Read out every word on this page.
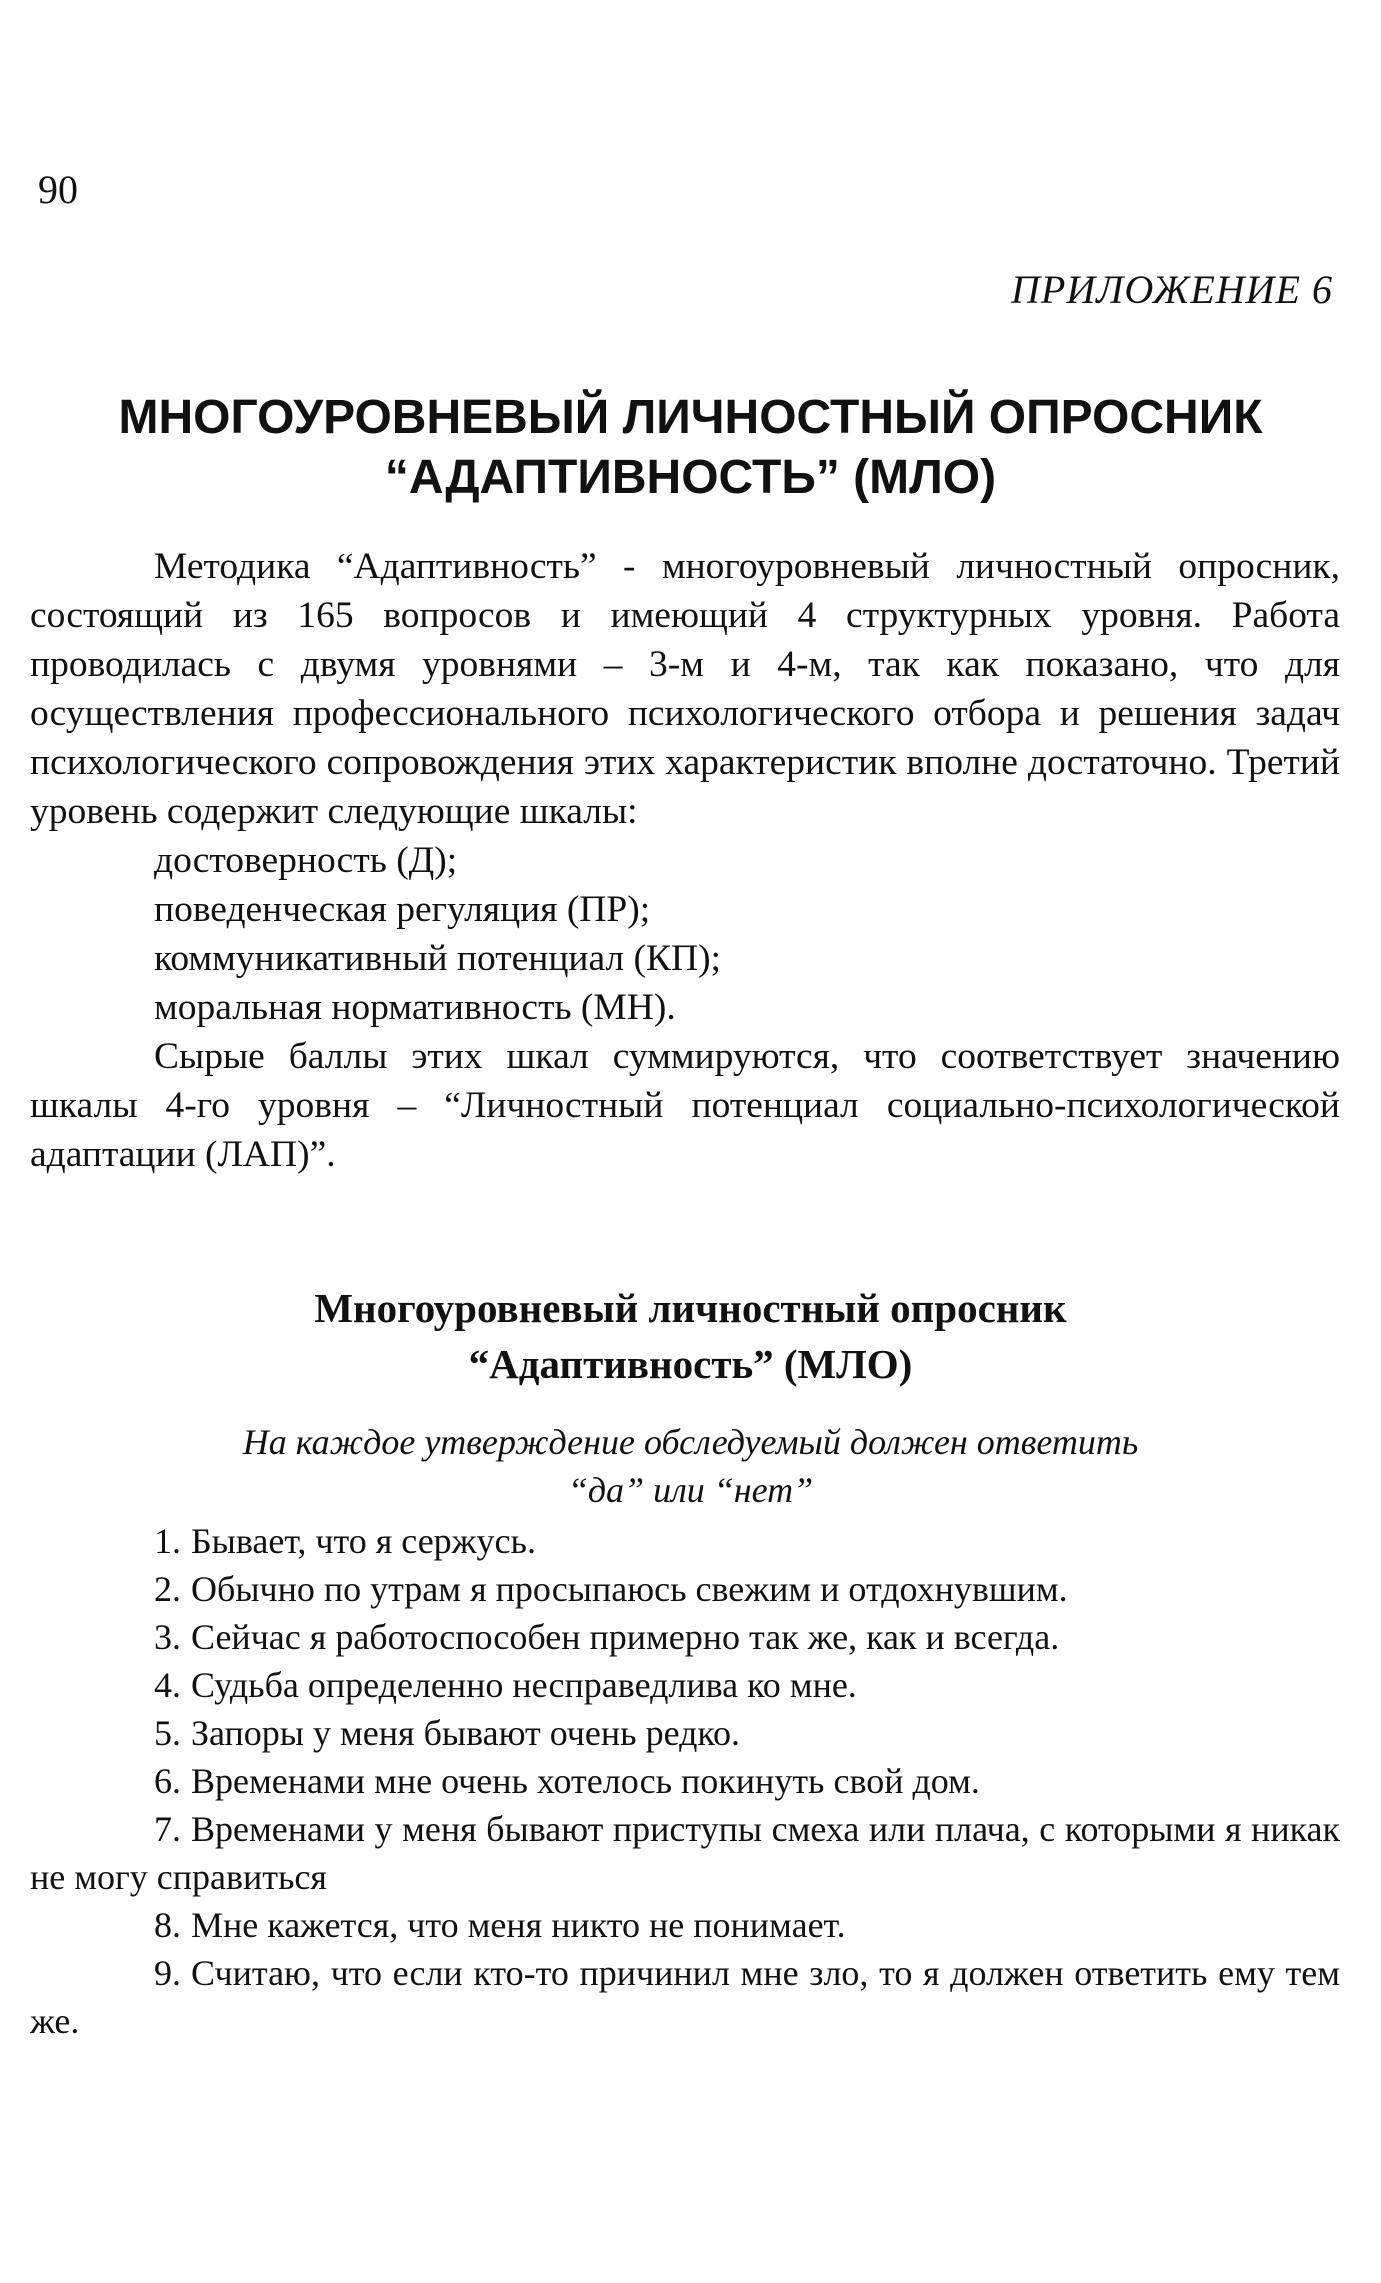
90
ПРИЛОЖЕНИЕ 6
МНОГОУРОВНЕВЫЙ ЛИЧНОСТНЫЙ ОПРОСНИК
“АДАПТИВНОСТЬ” (МЛО)

Методика “Адаптивность” - многоуровневый личностный опросник, состоящий из 165 вопросов и имеющий 4 структурных уровня. Работа проводилась с двумя уровнями – 3-м и 4-м, так как показано, что для осуществления профессионального психологического отбора и решения задач психологического сопровождения этих характеристик вполне достаточно. Третий уровень содержит следующие шкалы:

достоверность (Д);
поведенческая регуляция (ПР);
коммуникативный потенциал (КП);
моральная нормативность (МН).

Сырые баллы этих шкал суммируются, что соответствует значению шкалы 4-го уровня – “Личностный потенциал социально-психологической адаптации (ЛАП)”.

Многоуровневый личностный опросник
“Адаптивность” (МЛО)
На каждое утверждение обследуемый должен ответить
“да” или “нет”

1. Бывает, что я сержусь.

2. Обычно по утрам я просыпаюсь свежим и отдохнувшим.

3. Сейчас я работоспособен примерно так же, как и всегда.

4. Судьба определенно несправедлива ко мне.

5. Запоры у меня бывают очень редко.

6. Временами мне очень хотелось покинуть свой дом.

7. Временами у меня бывают приступы смеха или плача, с которыми я никак не могу справиться

8. Мне кажется, что меня никто не понимает.

9. Считаю, что если кто-то причинил мне зло, то я должен ответить ему тем же.
